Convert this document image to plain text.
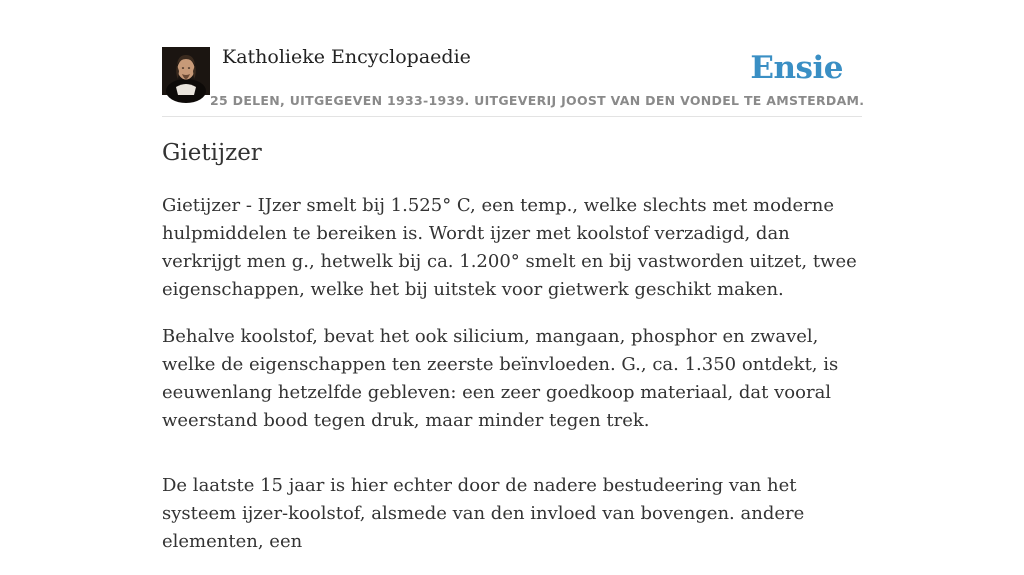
Katholieke Encyclopaedie	Ensie
25 DELEN, UITGEGEVEN 1933-1939. UITGEVERIJ JOOST VAN DEN VONDEL TE AMSTERDAM.
Gietijzer

Gietijzer - IJzer smelt bij 1.525° C, een temp., welke slechts met moderne hulpmiddelen te bereiken is. Wordt ijzer met koolstof verzadigd, dan verkrijgt men g., hetwelk bij ca. 1.200° smelt en bij vastworden uitzet, twee eigenschappen, welke het bij uitstek voor gietwerk geschikt maken.

Behalve koolstof, bevat het ook silicium, mangaan, phosphor en zwavel, welke de eigenschappen ten zeerste beïnvloeden. G., ca. 1.350 ontdekt, is eeuwenlang hetzelfde gebleven: een zeer goedkoop materiaal, dat vooral weerstand bood tegen druk, maar minder tegen trek.

De laatste 15 jaar is hier echter door de nadere bestudeering van het systeem ijzer-koolstof, alsmede van den invloed van bovengen. andere elementen, een
